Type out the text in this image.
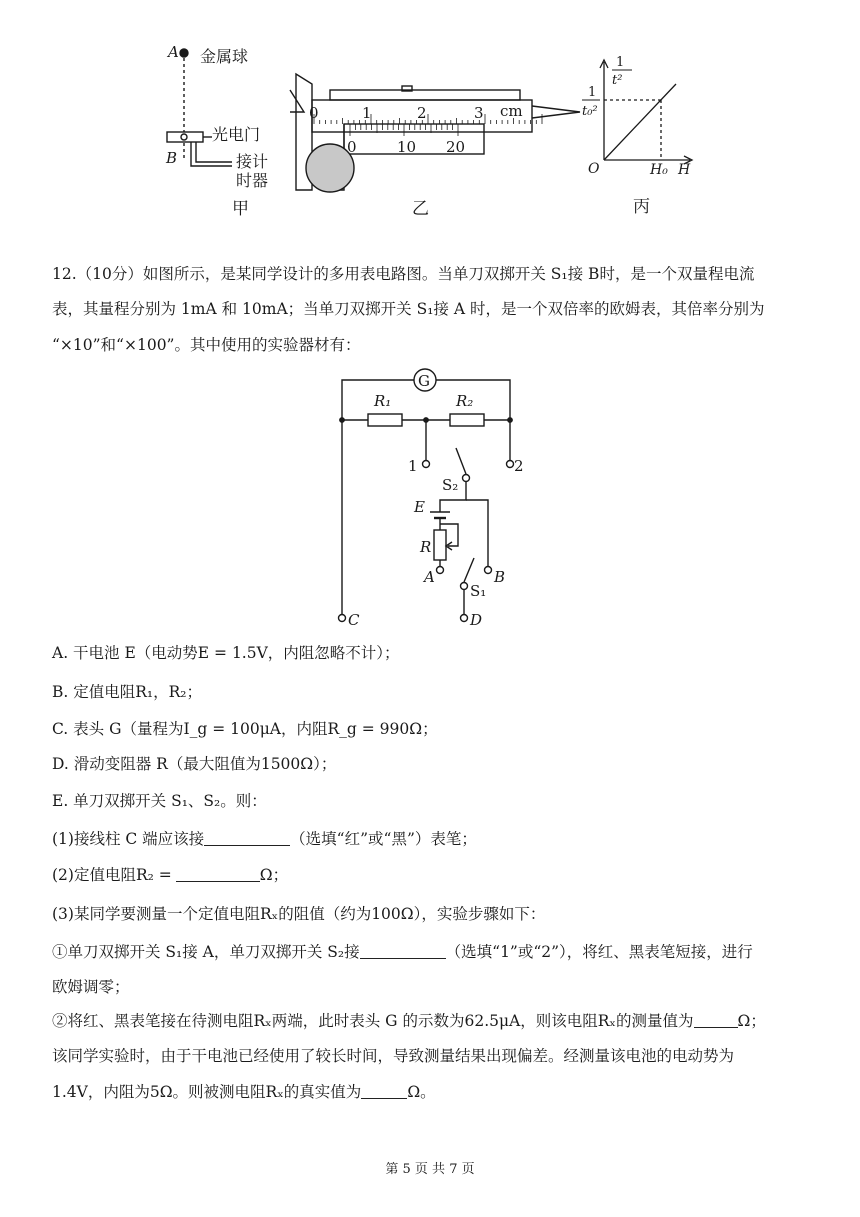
A 金属球
光电门
B	接计
时器
甲
0	1	2	3 cm
0	10 20
乙
1
t²
1
t₀²
O	H₀ H
丙
12.（10分）如图所示，是某同学设计的多用表电路图。当单刀双掷开关 S₁接 B时，是一个双量程电流
表，其量程分别为 1mA 和 10mA；当单刀双掷开关 S₁接 A 时，是一个双倍率的欧姆表，其倍率分别为
“×10”和“×100”。其中使用的实验器材有：
G
R₁	R₂
1	2
S₂
E
R
A	B
S₁
C	D
A. 干电池 E（电动势E = 1.5V，内阻忽略不计）；
B. 定值电阻R₁，R₂；
C. 表头 G（量程为I_g = 100μA，内阻R_g = 990Ω；
D. 滑动变阻器 R（最大阻值为1500Ω）；
E. 单刀双掷开关 S₁、S₂。则：
(1)接线柱 C 端应该接	（选填“红”或“黑”）表笔；
(2)定值电阻R₂ =	Ω；
(3)某同学要测量一个定值电阻Rₓ的阻值（约为100Ω），实验步骤如下：
①单刀双掷开关 S₁接 A，单刀双掷开关 S₂接	（选填“1”或“2”），将红、黑表笔短接，进行
欧姆调零；
②将红、黑表笔接在待测电阻Rₓ两端，此时表头 G 的示数为62.5μA，则该电阻Rₓ的测量值为	Ω；
该同学实验时，由于干电池已经使用了较长时间，导致测量结果出现偏差。经测量该电池的电动势为
1.4V，内阻为5Ω。则被测电阻Rₓ的真实值为	Ω。
第 5 页 共 7 页
